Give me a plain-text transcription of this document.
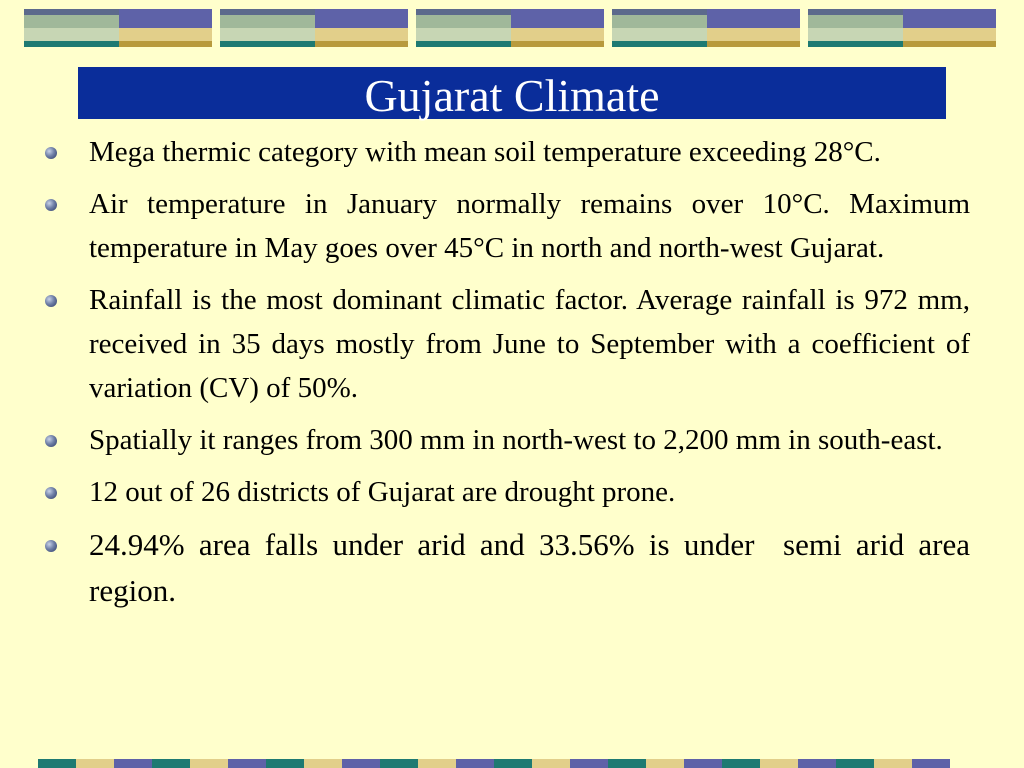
Gujarat Climate
Mega thermic category with mean soil temperature exceeding 28°C.
Air temperature in January normally remains over 10°C. Maximum temperature in May goes over 45°C in north and north-west Gujarat.
Rainfall is the most dominant climatic factor. Average rainfall is 972 mm, received in 35 days mostly from June to September with a coefficient of variation (CV) of 50%.
Spatially it ranges from 300 mm in north-west to 2,200 mm in south-east.
12 out of 26 districts of Gujarat are drought prone.
24.94% area falls under arid and 33.56% is under  semi arid area region.
